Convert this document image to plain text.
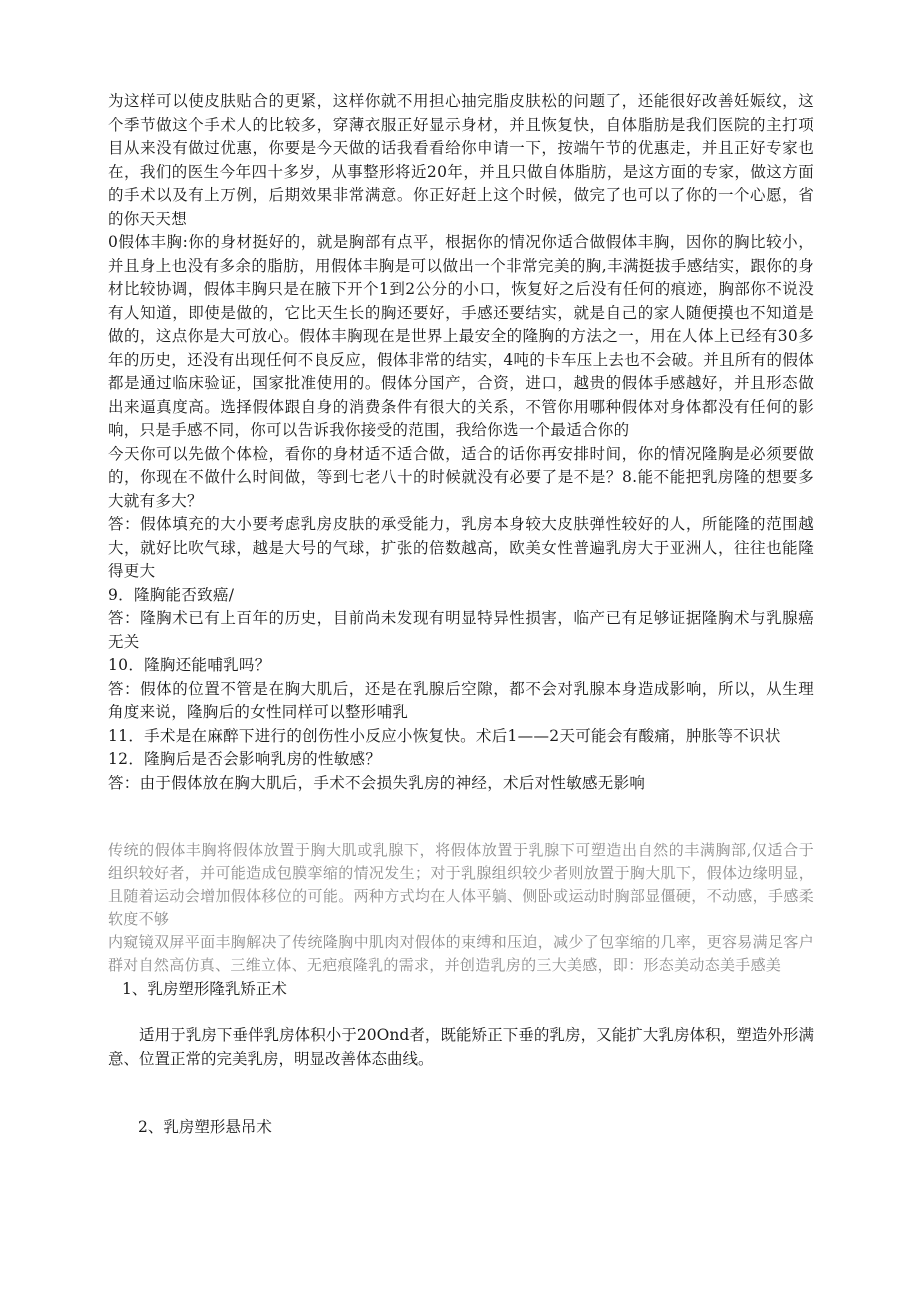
为这样可以使皮肤贴合的更紧，这样你就不用担心抽完脂皮肤松的问题了，还能很好改善妊娠纹，这个季节做这个手术人的比较多，穿薄衣服正好显示身材，并且恢复快，自体脂肪是我们医院的主打项目从来没有做过优惠，你要是今天做的话我看看给你申请一下，按端午节的优惠走，并且正好专家也在，我们的医生今年四十多岁，从事整形将近20年，并且只做自体脂肪，是这方面的专家，做这方面的手术以及有上万例，后期效果非常满意。你正好赶上这个时候，做完了也可以了你的一个心愿，省的你天天想

0假体丰胸:你的身材挺好的，就是胸部有点平，根据你的情况你适合做假体丰胸，因你的胸比较小，并且身上也没有多余的脂肪，用假体丰胸是可以做出一个非常完美的胸,丰满挺拔手感结实，跟你的身材比较协调，假体丰胸只是在腋下开个1到2公分的小口，恢复好之后没有任何的痕迹，胸部你不说没有人知道，即使是做的，它比天生长的胸还要好，手感还要结实，就是自己的家人随便摸也不知道是做的，这点你是大可放心。假体丰胸现在是世界上最安全的隆胸的方法之一，用在人体上已经有30多年的历史，还没有出现任何不良反应，假体非常的结实，4吨的卡车压上去也不会破。并且所有的假体都是通过临床验证，国家批准使用的。假体分国产，合资，进口，越贵的假体手感越好，并且形态做出来逼真度高。选择假体跟自身的消费条件有很大的关系，不管你用哪种假体对身体都没有任何的影响，只是手感不同，你可以告诉我你接受的范围，我给你选一个最适合你的

今天你可以先做个体检，看你的身材适不适合做，适合的话你再安排时间，你的情况隆胸是必须要做的，你现在不做什么时间做，等到七老八十的时候就没有必要了是不是？8.能不能把乳房隆的想要多大就有多大？

答：假体填充的大小要考虑乳房皮肤的承受能力，乳房本身较大皮肤弹性较好的人，所能隆的范围越大，就好比吹气球，越是大号的气球，扩张的倍数越高，欧美女性普遍乳房大于亚洲人，往往也能隆得更大

9．隆胸能否致癌/

答：隆胸术已有上百年的历史，目前尚未发现有明显特异性损害，临产已有足够证据隆胸术与乳腺癌无关

10．隆胸还能哺乳吗？

答：假体的位置不管是在胸大肌后，还是在乳腺后空隙，都不会对乳腺本身造成影响，所以，从生理角度来说，隆胸后的女性同样可以整形哺乳

11．手术是在麻醉下进行的创伤性小反应小恢复快。术后1——2天可能会有酸痛，肿胀等不识状

12．隆胸后是否会影响乳房的性敏感？

答：由于假体放在胸大肌后，手术不会损失乳房的神经，术后对性敏感无影响

传统的假体丰胸将假体放置于胸大肌或乳腺下，将假体放置于乳腺下可塑造出自然的丰满胸部,仅适合于组织较好者，并可能造成包膜挛缩的情况发生；对于乳腺组织较少者则放置于胸大肌下，假体边缘明显，且随着运动会增加假体移位的可能。两种方式均在人体平躺、侧卧或运动时胸部显僵硬，不动感，手感柔软度不够

内窥镜双屏平面丰胸解决了传统隆胸中肌肉对假体的束缚和压迫，减少了包挛缩的几率，更容易满足客户群对自然高仿真、三维立体、无疤痕隆乳的需求，并创造乳房的三大美感，即：形态美动态美手感美

1、乳房塑形隆乳矫正术

适用于乳房下垂伴乳房体积小于20Ond者，既能矫正下垂的乳房，又能扩大乳房体积，塑造外形满意、位置正常的完美乳房，明显改善体态曲线。

2、乳房塑形悬吊术
